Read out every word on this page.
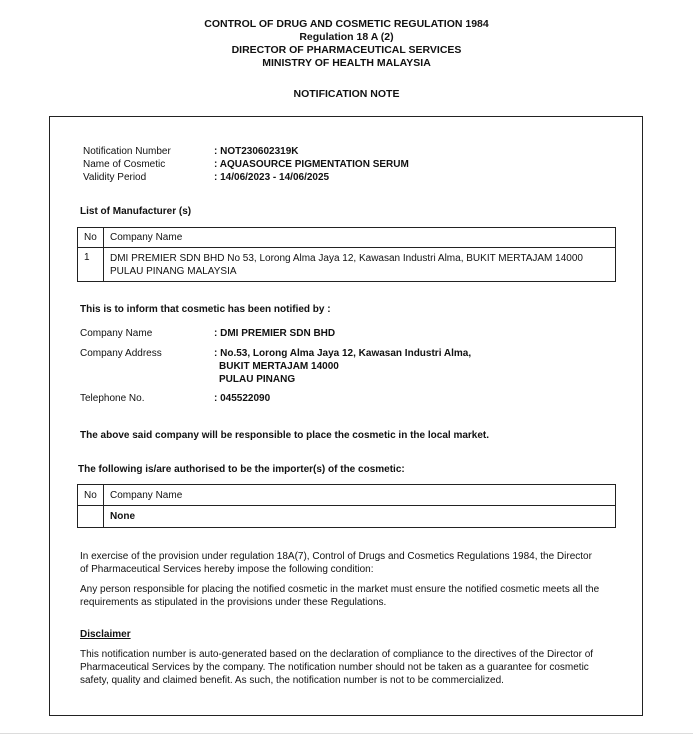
CONTROL OF DRUG AND COSMETIC REGULATION 1984
Regulation 18 A (2)
DIRECTOR OF PHARMACEUTICAL SERVICES
MINISTRY OF HEALTH MALAYSIA
NOTIFICATION NOTE
Notification Number	: NOT230602319K
Name of Cosmetic	: AQUASOURCE PIGMENTATION SERUM
Validity Period	: 14/06/2023 - 14/06/2025
List of Manufacturer (s)
No	Company Name
1	DMI PREMIER SDN BHD No 53, Lorong Alma Jaya 12, Kawasan Industri Alma, BUKIT MERTAJAM 14000
PULAU PINANG MALAYSIA
This is to inform that cosmetic has been notified by :
Company Name	: DMI PREMIER SDN BHD
Company Address	: No.53, Lorong Alma Jaya 12, Kawasan Industri Alma,
BUKIT MERTAJAM 14000
PULAU PINANG
Telephone No.	: 045522090
The above said company will be responsible to place the cosmetic in the local market.
The following is/are authorised to be the importer(s) of the cosmetic:
No	Company Name
	None
In exercise of the provision under regulation 18A(7), Control of Drugs and Cosmetics Regulations 1984, the Director
of Pharmaceutical Services hereby impose the following condition:
Any person responsible for placing the notified cosmetic in the market must ensure the notified cosmetic meets all the
requirements as stipulated in the provisions under these Regulations.
Disclaimer
This notification number is auto-generated based on the declaration of compliance to the directives of the Director of
Pharmaceutical Services by the company. The notification number should not be taken as a guarantee for cosmetic
safety, quality and claimed benefit. As such, the notification number is not to be commercialized.
